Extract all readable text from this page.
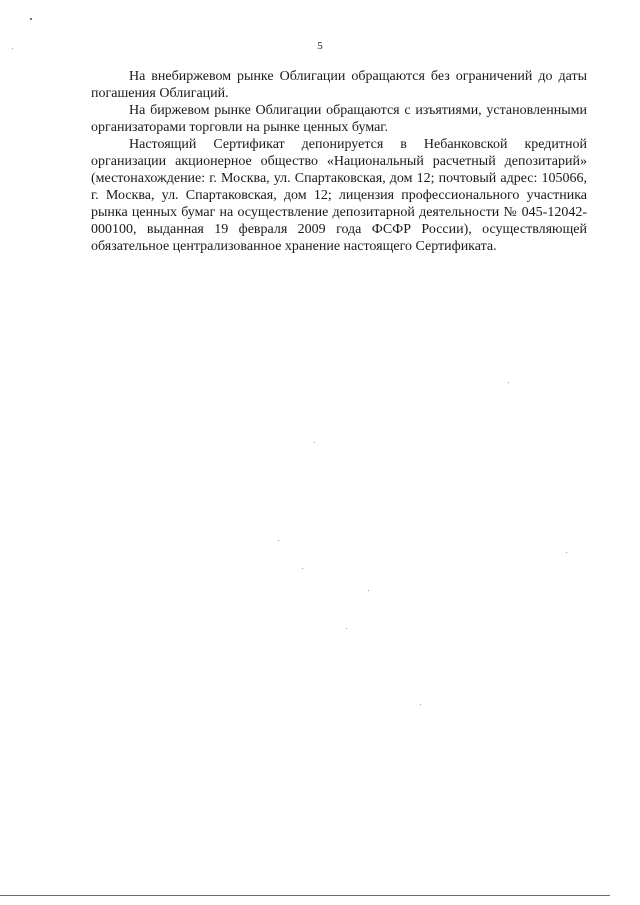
5

На внебиржевом рынке Облигации обращаются без ограничений до даты погашения Облигаций.

На биржевом рынке Облигации обращаются с изъятиями, установленными организаторами торговли на рынке ценных бумаг.

Настоящий Сертификат депонируется в Небанковской кредитной организации акционерное общество «Национальный расчетный депозитарий» (местонахождение: г. Москва, ул. Спартаковская, дом 12; почтовый адрес: 105066, г. Москва, ул. Спартаковская, дом 12; лицензия профессионального участника рынка ценных бумаг на осуществление депозитарной деятельности № 045-12042-000100, выданная 19 февраля 2009 года ФСФР России), осуществляющей обязательное централизованное хранение настоящего Сертификата.
